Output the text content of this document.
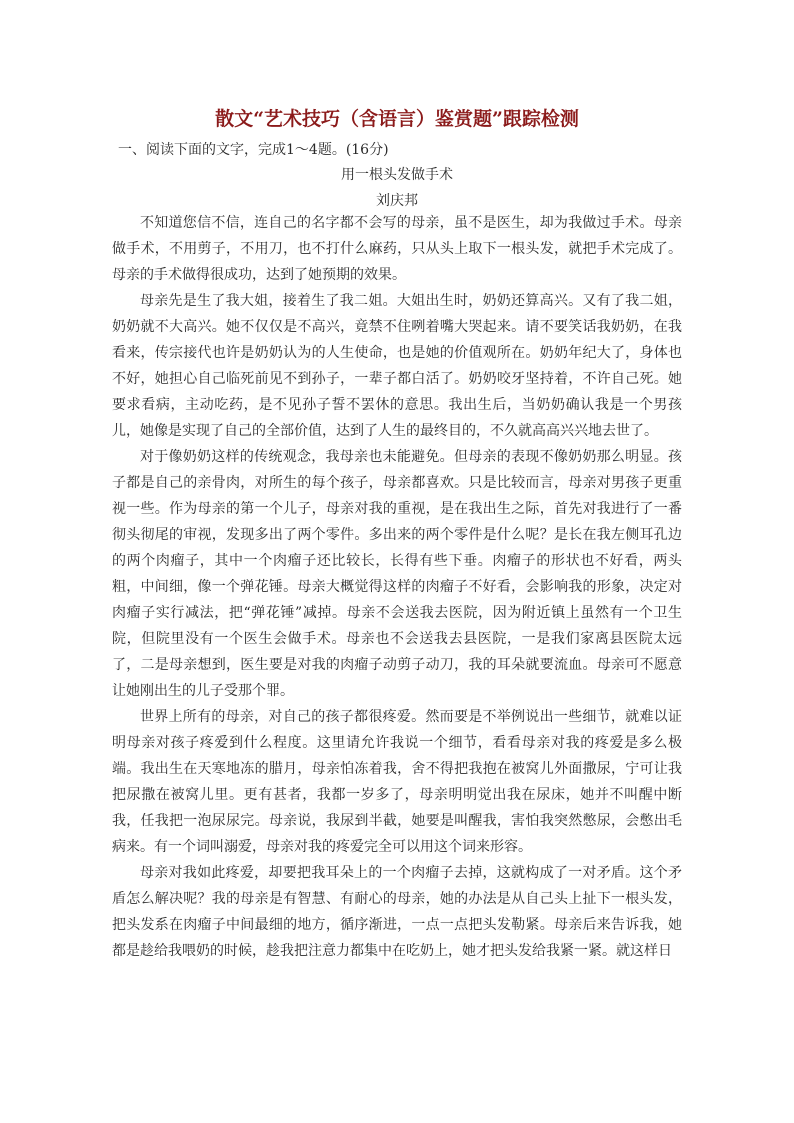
散文“艺术技巧（含语言）鉴赏题”跟踪检测

一、阅读下面的文字，完成1～4题。(16分)

用一根头发做手术

刘庆邦

不知道您信不信，连自己的名字都不会写的母亲，虽不是医生，却为我做过手术。母亲做手术，不用剪子，不用刀，也不打什么麻药，只从头上取下一根头发，就把手术完成了。母亲的手术做得很成功，达到了她预期的效果。

母亲先是生了我大姐，接着生了我二姐。大姐出生时，奶奶还算高兴。又有了我二姐，奶奶就不大高兴。她不仅仅是不高兴，竟禁不住咧着嘴大哭起来。请不要笑话我奶奶，在我看来，传宗接代也许是奶奶认为的人生使命，也是她的价值观所在。奶奶年纪大了，身体也不好，她担心自己临死前见不到孙子，一辈子都白活了。奶奶咬牙坚持着，不许自己死。她要求看病，主动吃药，是不见孙子誓不罢休的意思。我出生后，当奶奶确认我是一个男孩儿，她像是实现了自己的全部价值，达到了人生的最终目的，不久就高高兴兴地去世了。

对于像奶奶这样的传统观念，我母亲也未能避免。但母亲的表现不像奶奶那么明显。孩子都是自己的亲骨肉，对所生的每个孩子，母亲都喜欢。只是比较而言，母亲对男孩子更重视一些。作为母亲的第一个儿子，母亲对我的重视，是在我出生之际，首先对我进行了一番彻头彻尾的审视，发现多出了两个零件。多出来的两个零件是什么呢？是长在我左侧耳孔边的两个肉瘤子，其中一个肉瘤子还比较长，长得有些下垂。肉瘤子的形状也不好看，两头粗，中间细，像一个弹花锤。母亲大概觉得这样的肉瘤子不好看，会影响我的形象，决定对肉瘤子实行减法，把“弹花锤”减掉。母亲不会送我去医院，因为附近镇上虽然有一个卫生院，但院里没有一个医生会做手术。母亲也不会送我去县医院，一是我们家离县医院太远了，二是母亲想到，医生要是对我的肉瘤子动剪子动刀，我的耳朵就要流血。母亲可不愿意让她刚出生的儿子受那个罪。

世界上所有的母亲，对自己的孩子都很疼爱。然而要是不举例说出一些细节，就难以证明母亲对孩子疼爱到什么程度。这里请允许我说一个细节，看看母亲对我的疼爱是多么极端。我出生在天寒地冻的腊月，母亲怕冻着我，舍不得把我抱在被窝儿外面撒尿，宁可让我把尿撒在被窝儿里。更有甚者，我都一岁多了，母亲明明觉出我在尿床，她并不叫醒中断我，任我把一泡尿尿完。母亲说，我尿到半截，她要是叫醒我，害怕我突然憋尿，会憋出毛病来。有一个词叫溺爱，母亲对我的疼爱完全可以用这个词来形容。

母亲对我如此疼爱，却要把我耳朵上的一个肉瘤子去掉，这就构成了一对矛盾。这个矛盾怎么解决呢？我的母亲是有智慧、有耐心的母亲，她的办法是从自己头上扯下一根头发，把头发系在肉瘤子中间最细的地方，循序渐进，一点一点把头发勒紧。母亲后来告诉我，她都是趁给我喂奶的时候，趁我把注意力都集中在吃奶上，她才把头发给我紧一紧。就这样日
